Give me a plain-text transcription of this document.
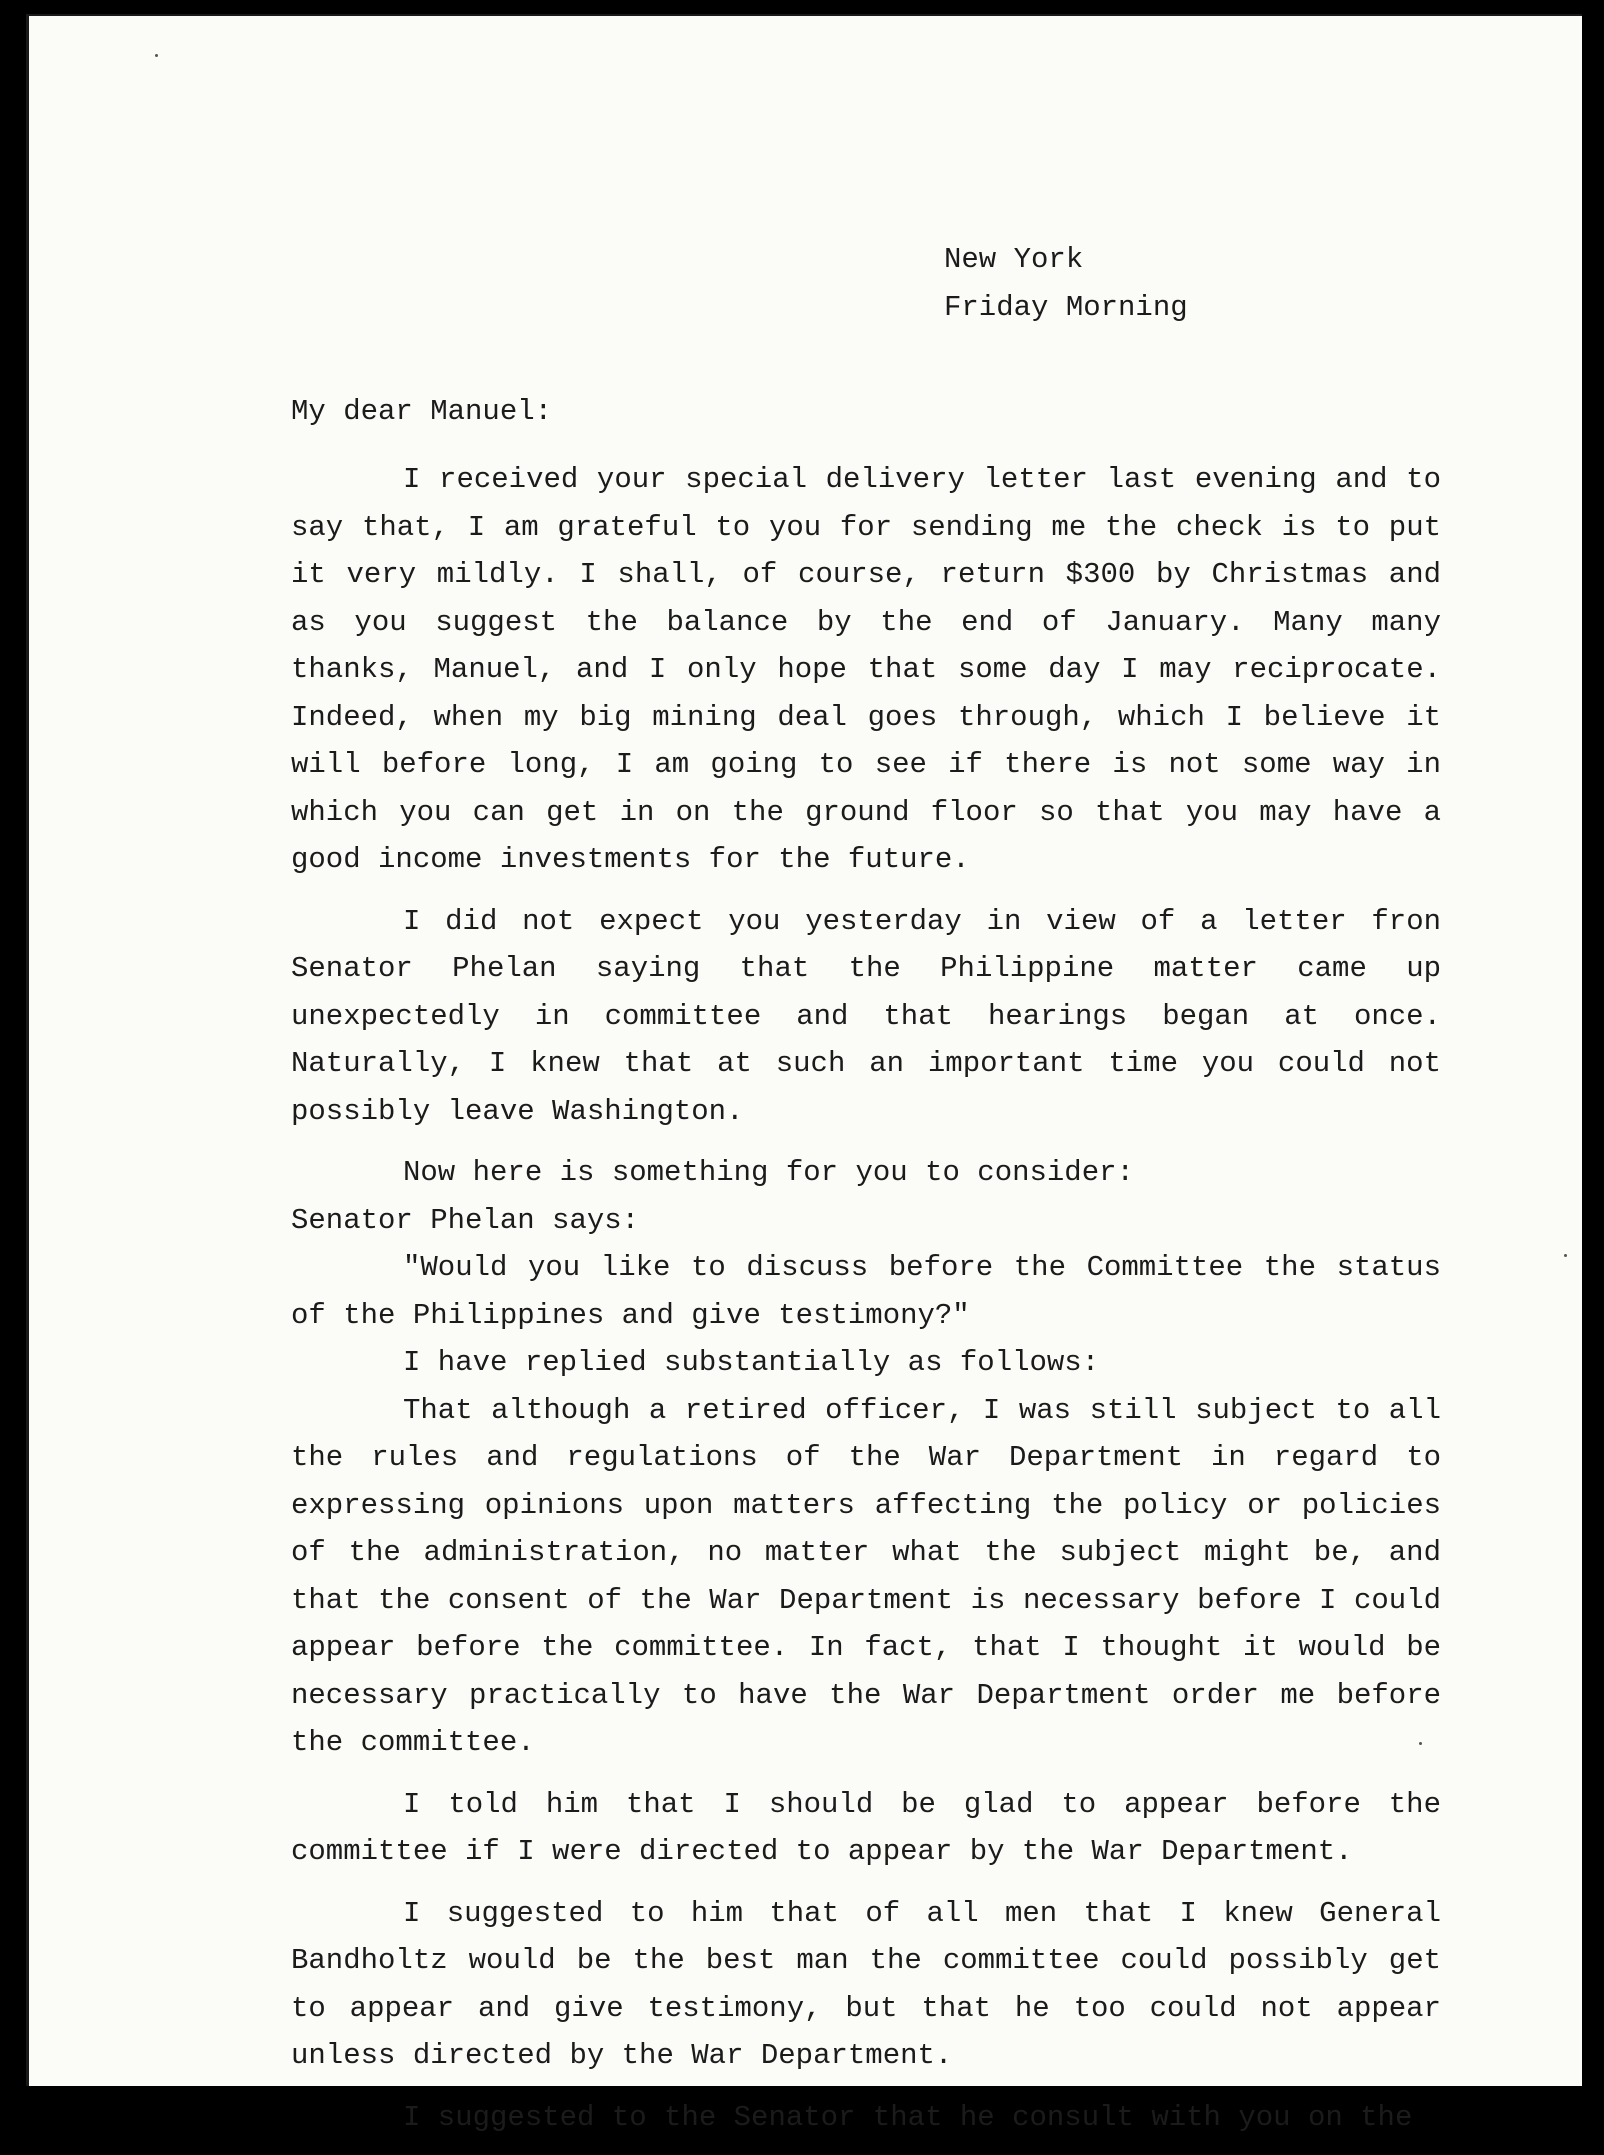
New York
Friday Morning
My dear Manuel:

I received your special delivery letter last evening and to say that, I am grateful to you for sending me the check is to put it very mildly. I shall, of course, return $300 by Christmas and as you suggest the balance by the end of January. Many many thanks, Manuel, and I only hope that some day I may reciprocate. Indeed, when my big mining deal goes through, which I believe it will before long, I am going to see if there is not some way in which you can get in on the ground floor so that you may have a good income investments for the future.

I did not expect you yesterday in view of a letter fron Senator Phelan saying that the Philippine matter came up unexpectedly in committee and that hearings began at once. Naturally, I knew that at such an important time you could not possibly leave Washington.

Now here is something for you to consider:

Senator Phelan says:

"Would you like to discuss before the Committee the status of the Philippines and give testimony?"

I have replied substantially as follows:

That although a retired officer, I was still subject to all the rules and regulations of the War Department in regard to expressing opinions upon matters affecting the policy or policies of the administration, no matter what the subject might be, and that the consent of the War Department is necessary before I could appear before the committee. In fact, that I thought it would be necessary practically to have the War Department order me before the committee.

I told him that I should be glad to appear before the committee if I were directed to appear by the War Department.

I suggested to him that of all men that I knew General Bandholtz would be the best man the committee could possibly get to appear and give testimony, but that he too could not appear unless directed by the War Department.

I suggested to the Senator that he consult with you on the
